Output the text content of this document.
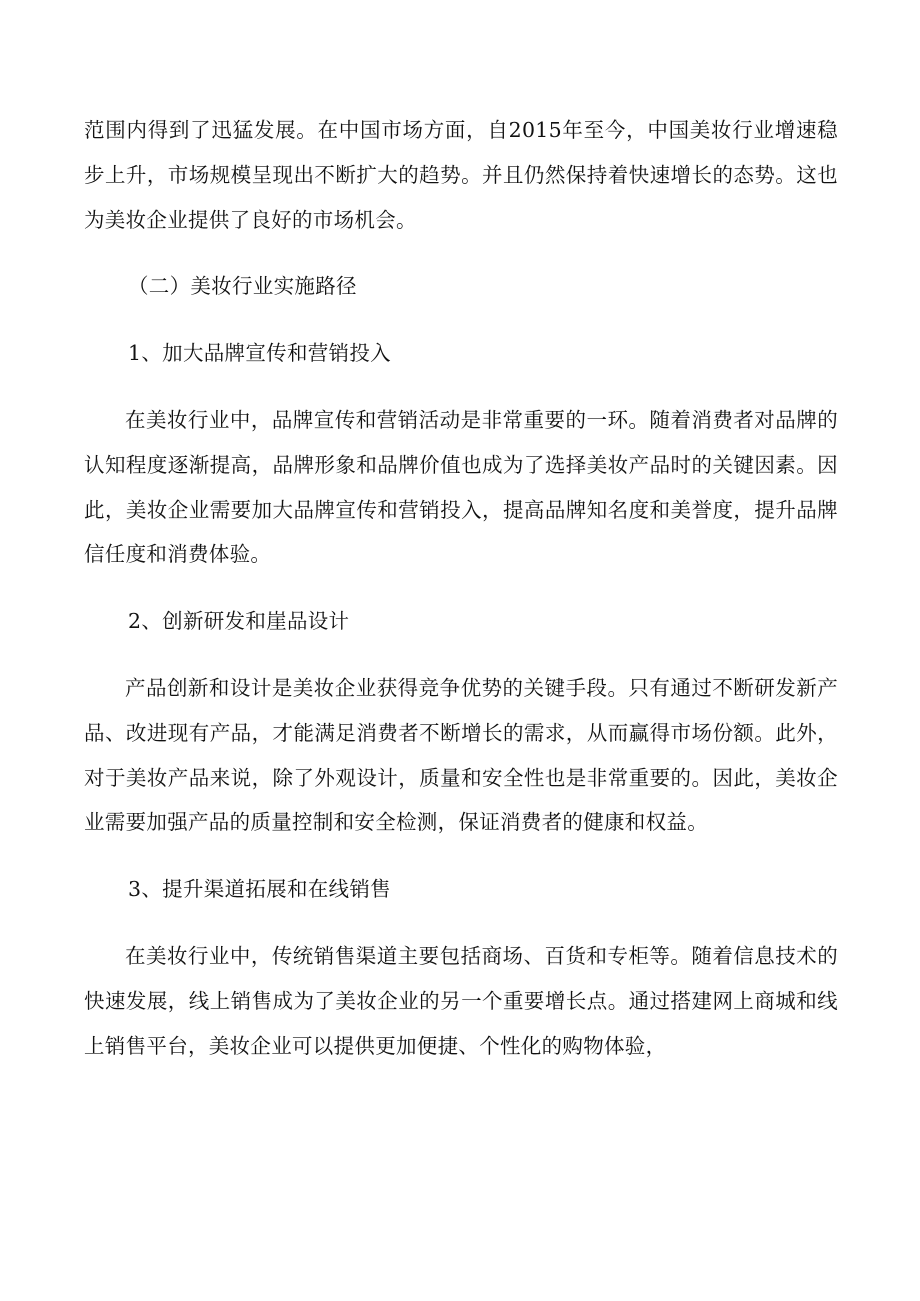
范围内得到了迅猛发展。在中国市场方面，自2015年至今，中国美妆行业增速稳步上升，市场规模呈现出不断扩大的趋势。并且仍然保持着快速增长的态势。这也为美妆企业提供了良好的市场机会。

（二）美妆行业实施路径

1、加大品牌宣传和营销投入

在美妆行业中，品牌宣传和营销活动是非常重要的一环。随着消费者对品牌的认知程度逐渐提高，品牌形象和品牌价值也成为了选择美妆产品时的关键因素。因此，美妆企业需要加大品牌宣传和营销投入，提高品牌知名度和美誉度，提升品牌信任度和消费体验。

2、创新研发和崖品设计

产品创新和设计是美妆企业获得竞争优势的关键手段。只有通过不断研发新产品、改进现有产品，才能满足消费者不断增长的需求，从而赢得市场份额。此外，对于美妆产品来说，除了外观设计，质量和安全性也是非常重要的。因此，美妆企业需要加强产品的质量控制和安全检测，保证消费者的健康和权益。

3、提升渠道拓展和在线销售

在美妆行业中，传统销售渠道主要包括商场、百货和专柜等。随着信息技术的快速发展，线上销售成为了美妆企业的另一个重要增长点。通过搭建网上商城和线上销售平台，美妆企业可以提供更加便捷、个性化的购物体验，
